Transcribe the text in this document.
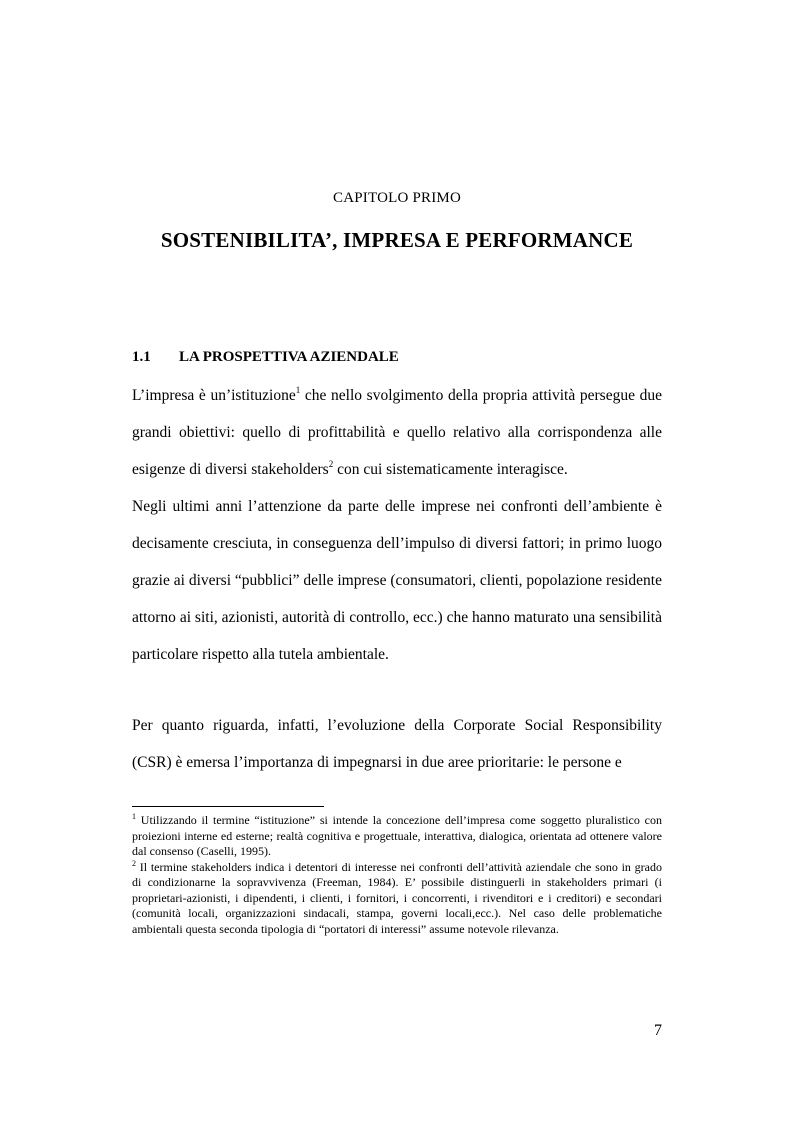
CAPITOLO PRIMO
SOSTENIBILITA’, IMPRESA E PERFORMANCE
1.1 LA PROSPETTIVA AZIENDALE

L’impresa è un’istituzione$^1$ che nello svolgimento della propria attività persegue due grandi obiettivi: quello di profittabilità e quello relativo alla corrispondenza alle esigenze di diversi stakeholders$^2$ con cui sistematicamente interagisce.

Negli ultimi anni l’attenzione da parte delle imprese nei confronti dell’ambiente è decisamente cresciuta, in conseguenza dell’impulso di diversi fattori; in primo luogo grazie ai diversi “pubblici” delle imprese (consumatori, clienti, popolazione residente attorno ai siti, azionisti, autorità di controllo, ecc.) che hanno maturato una sensibilità particolare rispetto alla tutela ambientale.

Per quanto riguarda, infatti, l’evoluzione della Corporate Social Responsibility (CSR) è emersa l’importanza di impegnarsi in due aree prioritarie: le persone e

$^1$ Utilizzando il termine “istituzione” si intende la concezione dell’impresa come soggetto pluralistico con proiezioni interne ed esterne; realtà cognitiva e progettuale, interattiva, dialogica, orientata ad ottenere valore dal consenso (Caselli, 1995).

$^2$ Il termine stakeholders indica i detentori di interesse nei confronti dell’attività aziendale che sono in grado di condizionarne la sopravvivenza (Freeman, 1984). E’ possibile distinguerli in stakeholders primari (i proprietari-azionisti, i dipendenti, i clienti, i fornitori, i concorrenti, i rivenditori e i creditori) e secondari (comunità locali, organizzazioni sindacali, stampa, governi locali,ecc.). Nel caso delle problematiche ambientali questa seconda tipologia di “portatori di interessi” assume notevole rilevanza.

7
